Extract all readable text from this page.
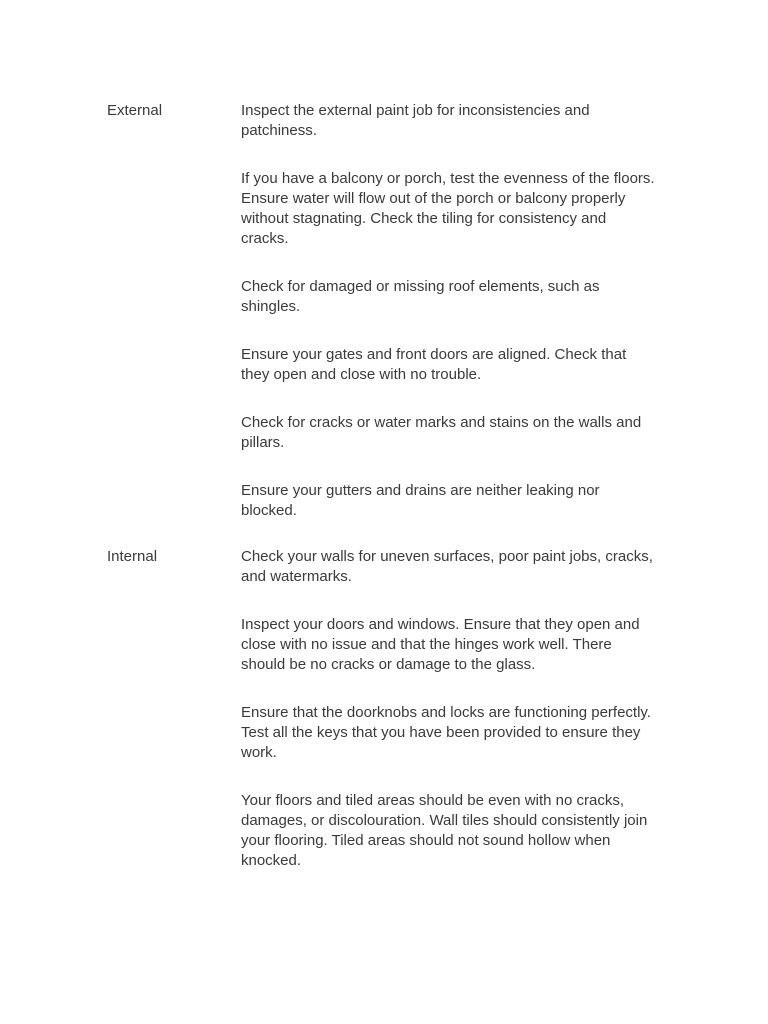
External	Inspect the external paint job for inconsistencies and patchiness.

If you have a balcony or porch, test the evenness of the floors. Ensure water will flow out of the porch or balcony properly without stagnating. Check the tiling for consistency and cracks.

Check for damaged or missing roof elements, such as shingles.

Ensure your gates and front doors are aligned. Check that they open and close with no trouble.

Check for cracks or water marks and stains on the walls and pillars.

Ensure your gutters and drains are neither leaking nor blocked.

Internal	Check your walls for uneven surfaces, poor paint jobs, cracks, and watermarks.

Inspect your doors and windows. Ensure that they open and close with no issue and that the hinges work well. There should be no cracks or damage to the glass.

Ensure that the doorknobs and locks are functioning perfectly. Test all the keys that you have been provided to ensure they work.

Your floors and tiled areas should be even with no cracks, damages, or discolouration. Wall tiles should consistently join your flooring. Tiled areas should not sound hollow when knocked.
